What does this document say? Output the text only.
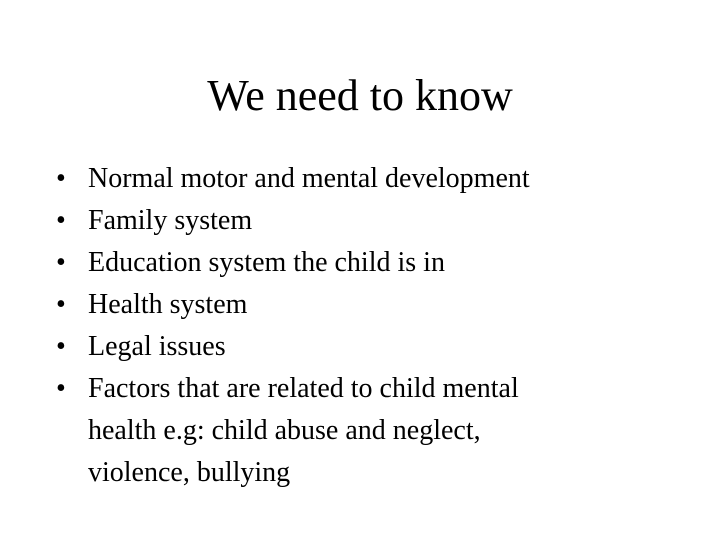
We need to know
• Normal motor and mental development
• Family system
• Education system the child is in
• Health system
• Legal issues
• Factors that are related to child mental
health e.g: child abuse and neglect,
violence, bullying
